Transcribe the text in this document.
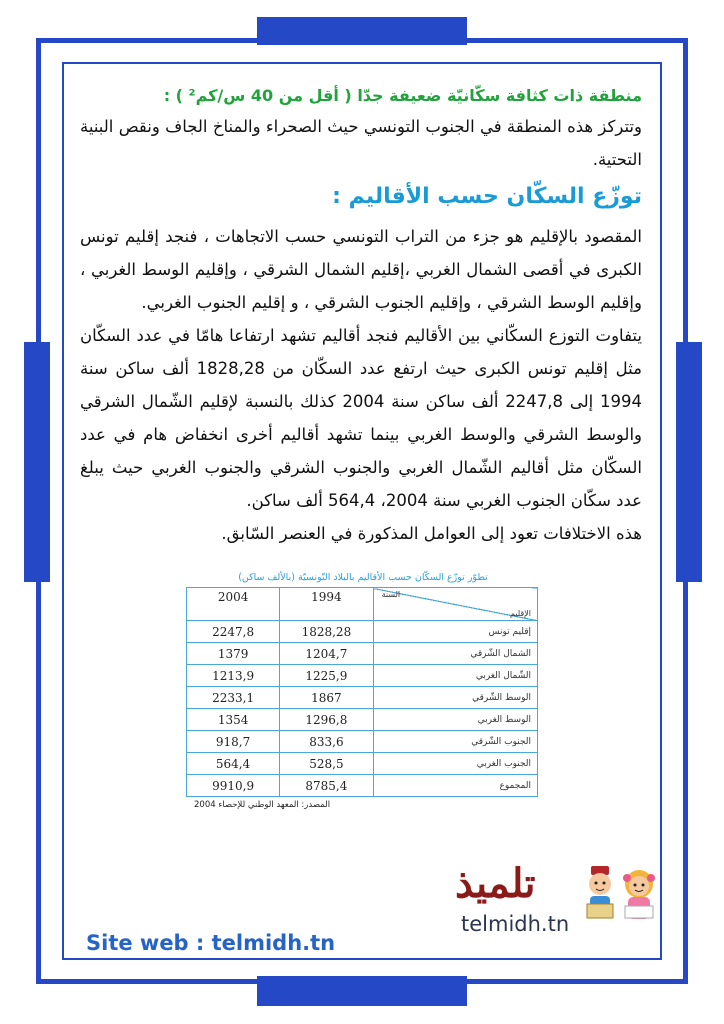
منطقة ذات كثافة سكّانيّة ضعيفة جدّا ( أقل من 40 س/كم² ) :

وتتركز هذه المنطقة في الجنوب التونسي حيث الصحراء والمناخ الجاف ونقص البنية التحتية.

توزّع السكّان حسب الأقاليم :

المقصود بالإقليم هو جزء من التراب التونسي حسب الاتجاهات ، فنجد إقليم تونس الكبرى في أقصى الشمال الغربي ،إقليم الشمال الشرقي ، وإقليم الوسط الغربي ، وإقليم الوسط الشرقي ، وإقليم الجنوب الشرقي ، و إقليم الجنوب الغربي.

يتفاوت التوزع السكّاني بين الأقاليم فنجد أقاليم تشهد ارتفاعا هامّا في عدد السكّان مثل إقليم تونس الكبرى حيث ارتفع عدد السكّان من 1828,28 ألف ساكن سنة 1994 إلى 2247,8 ألف ساكن سنة 2004 كذلك بالنسبة لإقليم الشّمال الشرقي والوسط الشرقي والوسط الغربي بينما تشهد أقاليم أخرى انخفاض هام في عدد السكّان مثل أقاليم الشّمال الغربي والجنوب الشرقي والجنوب الغربي حيث يبلغ عدد سكّان الجنوب الغربي سنة 2004، 564,4 ألف ساكن.

هذه الاختلافات تعود إلى العوامل المذكورة في العنصر السّابق.

تطوّر توزّع السكّان حسب الأقاليم بالبلاد التّونسيّة (بالألف ساكن)
السنة
الإقليم	1994	2004
إقليم تونس	1828,28	2247,8
الشمال الشّرقي	1204,7	1379
الشّمال الغربي	1225,9	1213,9
الوسط الشّرقي	1867	2233,1
الوسط الغربي	1296,8	1354
الجنوب الشّرقي	833,6	918,7
الجنوب الغربي	528,5	564,4
المجموع	8785,4	9910,9
المصدر: المعهد الوطني للإحصاء 2004
Site web : telmidh.tn
تلميذ
telmidh.tn
